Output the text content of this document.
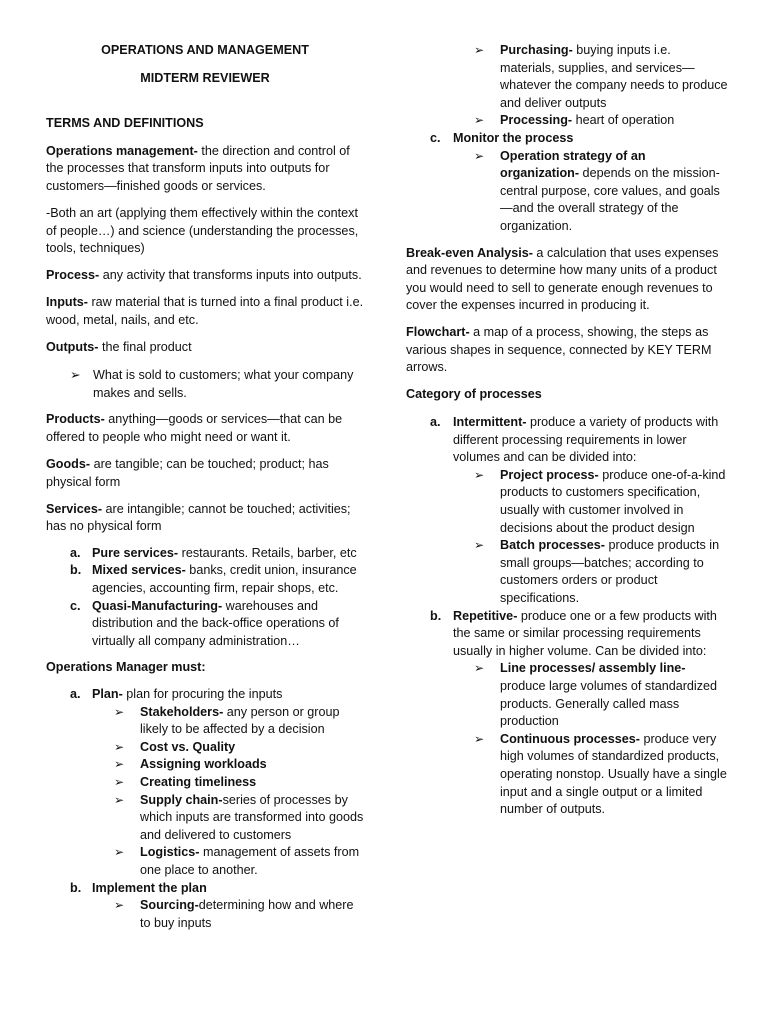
OPERATIONS AND MANAGEMENT

MIDTERM REVIEWER

TERMS AND DEFINITIONS

Operations management- the direction and control of the processes that transform inputs into outputs for customers—finished goods or services.

-Both an art (applying them effectively within the context of people…) and science (understanding the processes, tools, techniques)

Process- any activity that transforms inputs into outputs.

Inputs- raw material that is turned into a final product i.e. wood, metal, nails, and etc.

Outputs- the final product

➢ What is sold to customers; what your company makes and sells.

Products- anything—goods or services—that can be offered to people who might need or want it.

Goods- are tangible; can be touched; product; has physical form

Services- are intangible; cannot be touched; activities; has no physical form

a. Pure services- restaurants. Retails, barber, etc

b. Mixed services- banks, credit union, insurance agencies, accounting firm, repair shops, etc.

c. Quasi-Manufacturing- warehouses and distribution and the back-office operations of virtually all company administration…

Operations Manager must:

a. Plan- plan for procuring the inputs

➢ Stakeholders- any person or group likely to be affected by a decision

➢ Cost vs. Quality

➢ Assigning workloads

➢ Creating timeliness

➢ Supply chain-series of processes by which inputs are transformed into goods and delivered to customers

➢ Logistics- management of assets from one place to another.

b. Implement the plan

➢ Sourcing-determining how and where to buy inputs

➢ Purchasing- buying inputs i.e. materials, supplies, and services—whatever the company needs to produce and deliver outputs

➢ Processing- heart of operation

c. Monitor the process

➢ Operation strategy of an organization- depends on the mission-central purpose, core values, and goals—and the overall strategy of the organization.

Break-even Analysis- a calculation that uses expenses and revenues to determine how many units of a product you would need to sell to generate enough revenues to cover the expenses incurred in producing it.

Flowchart- a map of a process, showing, the steps as various shapes in sequence, connected by KEY TERM arrows.

Category of processes

a. Intermittent- produce a variety of products with different processing requirements in lower volumes and can be divided into:

➢ Project process- produce one-of-a-kind products to customers specification, usually with customer involved in decisions about the product design

➢ Batch processes- produce products in small groups—batches; according to customers orders or product specifications.

b. Repetitive- produce one or a few products with the same or similar processing requirements usually in higher volume. Can be divided into:

➢ Line processes/ assembly line- produce large volumes of standardized products. Generally called mass production

➢ Continuous processes- produce very high volumes of standardized products, operating nonstop. Usually have a single input and a single output or a limited number of outputs.
